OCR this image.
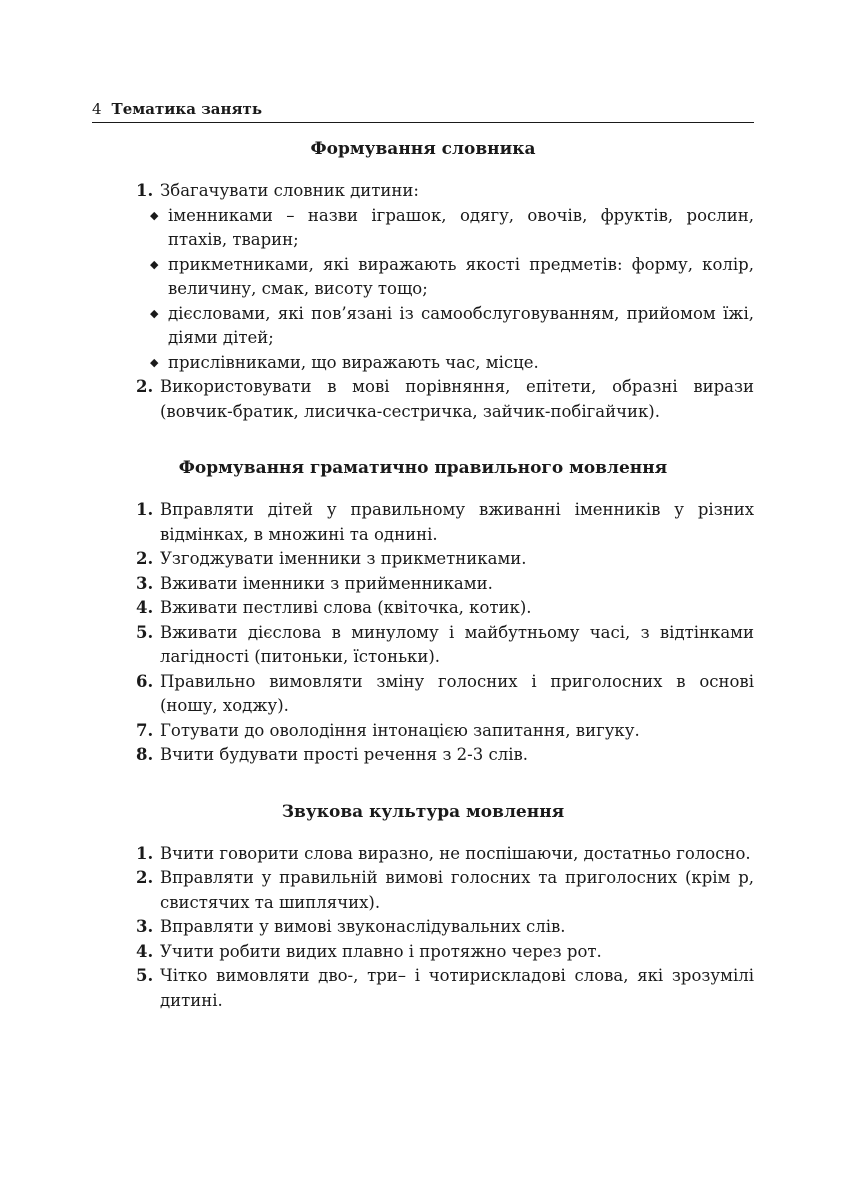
4 Тематика занять
Формування словника
1. Збагачувати словник дитини:
◆ іменниками – назви іграшок, одягу, овочів, фруктів, рослин, птахів, тварин;
◆ прикметниками, які виражають якості предметів: форму, колір, величину, смак, висоту тощо;
◆ дієсловами, які пов’язані із самообслуговуванням, прийомом їжі, діями дітей;
◆ прислівниками, що виражають час, місце.
2. Використовувати в мові порівняння, епітети, образні вирази (вовчик-братик, лисичка-сестричка, зайчик-побігайчик).
Формування граматично правильного мовлення
1. Вправляти дітей у правильному вживанні іменників у різних відмінках, в множині та однині.
2. Узгоджувати іменники з прикметниками.
3. Вживати іменники з прийменниками.
4. Вживати пестливі слова (квіточка, котик).
5. Вживати дієслова в минулому і майбутньому часі, з відтінками лагідності (питоньки, їстоньки).
6. Правильно вимовляти зміну голосних і приголосних в основі (ношу, ходжу).
7. Готувати до оволодіння інтонацією запитання, вигуку.
8. Вчити будувати прості речення з 2-3 слів.
Звукова культура мовлення
1. Вчити говорити слова виразно, не поспішаючи, достатньо голосно.
2. Вправляти у правильній вимові голосних та приголосних (крім р, свистячих та шиплячих).
3. Вправляти у вимові звуконаслідувальних слів.
4. Учити робити видих плавно і протяжно через рот.
5. Чітко вимовляти дво-, три– і чотирискладові слова, які зрозумілі дитині.
